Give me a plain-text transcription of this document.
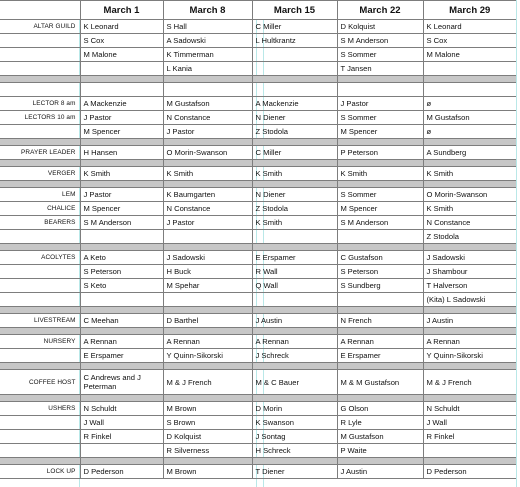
	March 1	March 8	March 15	March 22	March 29
ALTAR GUILD	K Leonard	S Hall	C Miller	D Kolquist	K Leonard
	S Cox	A Sadowski	L Hultkrantz	S M Anderson	S Cox
	M Malone	K Timmerman		S Sommer	M Malone
		L Kania		T Jansen	

LECTOR 8 am	A Mackenzie	M Gustafson	A Mackenzie	J Pastor	ø
LECTORS 10 am	J Pastor	N Constance	N Diener	S Sommer	M Gustafson
	M Spencer	J Pastor	Z Stodola	M Spencer	ø

PRAYER LEADER	H Hansen	O Morin-Swanson	C Miller	P Peterson	A Sundberg

VERGER	K Smith	K Smith	K Smith	K Smith	K Smith

LEM	J Pastor	K Baumgarten	N Diener	S Sommer	O Morin-Swanson
CHALICE	M Spencer	N Constance	Z Stodola	M Spencer	K Smith
BEARERS	S M Anderson	J Pastor	K Smith	S M Anderson	N Constance
					Z Stodola

ACOLYTES	A Keto	J Sadowski	E Erspamer	C Gustafson	J Sadowski
	S Peterson	H Buck	R Wall	S Peterson	J Shambour
	S Keto	M Spehar	Q Wall	S Sundberg	T Halverson
					(Kita) L Sadowski

LIVESTREAM	C Meehan	D Barthel	J Austin	N French	J Austin

NURSERY	A Rennan	A Rennan	A Rennan	A Rennan	A Rennan
	E Erspamer	Y Quinn-Sikorski	J Schreck	E Erspamer	Y Quinn-Sikorski

COFFEE HOST	C Andrews and J Peterman	M & J French	M & C Bauer	M & M Gustafson	M & J French

USHERS	N Schuldt	M Brown	D Morin	G Olson	N Schuldt
	J Wall	S Brown	K Swanson	R Lyle	J Wall
	R Finkel	D Kolquist	J Sontag	M Gustafson	R Finkel
		R Silverness	H Schreck	P Waite	

LOCK UP	D Pederson	M Brown	T Diener	J Austin	D Pederson
